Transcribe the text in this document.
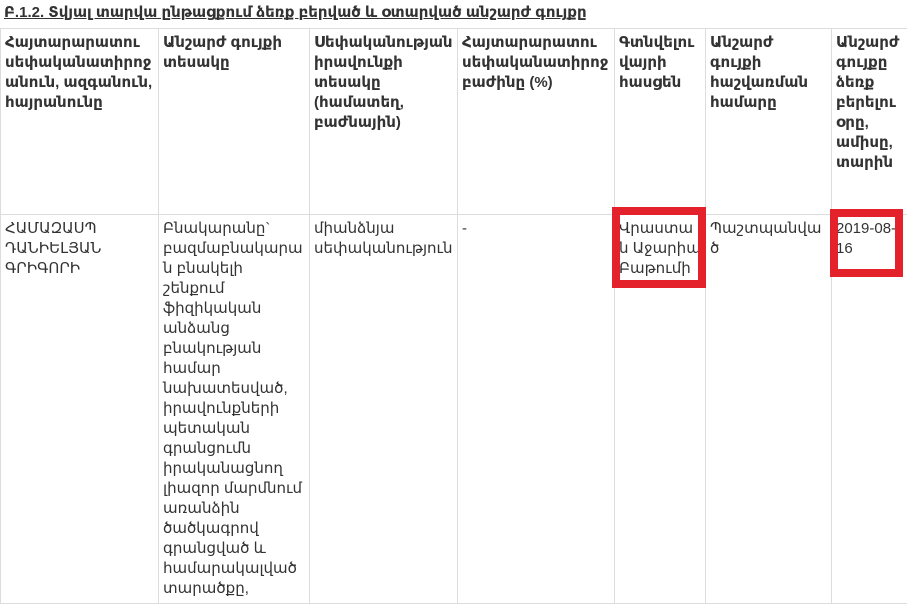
Բ.1.2. Տվյալ տարվա ընթացքում ձեռք բերված և օտարված անշարժ գույքը
Հայտարարատու սեփականատիրոջ անուն, ազգանուն, հայրանունը	Անշարժ գույքի տեսակը	Սեփականության իրավունքի տեսակը (համատեղ, բաժնային)	Հայտարարատու սեփականատիրոջ բաժինը (%)	Գտնվելու վայրի հասցեն	Անշարժ գույքի հաշվառման համարը	Անշարժ գույքը ձեռք բերելու օրը, ամիսը, տարին
ՀԱՄԱԶԱՍՊ ԴԱՆԻԵԼՅԱՆ ԳՐԻԳՈՐԻ	Բնակարանը` բազմաբնակարան բնակելի շենքում ֆիզիկական անձանց բնակության համար նախատեսված, իրավունքների պետական գրանցումն իրականացնող լիազոր մարմնում առանձին ծածկագրով գրանցված և համարակալված տարածքը,	միանձնյա սեփականություն	-	Վրաստան Աջարիա Բաթումի	Պաշտպանված	2019-08-16
